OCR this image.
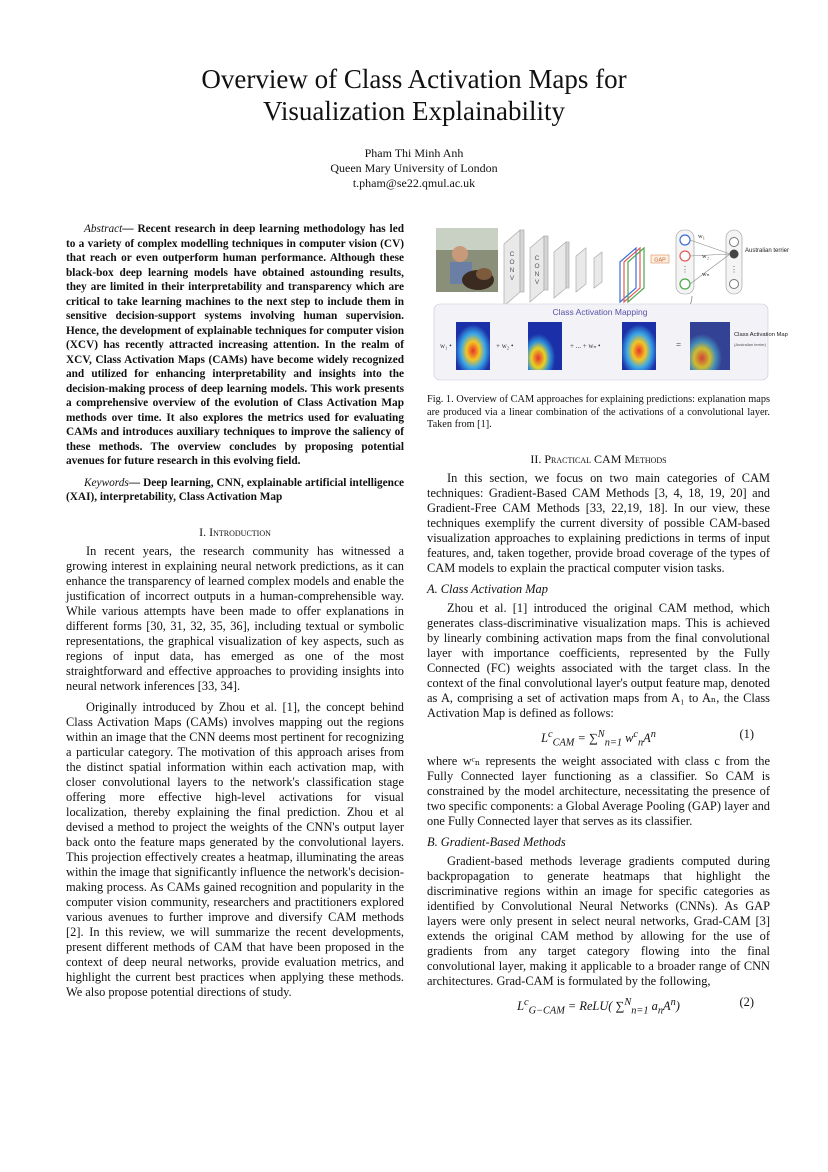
Overview of Class Activation Maps for
Visualization Explainability
Pham Thi Minh Anh
Queen Mary University of London
t.pham@se22.qmul.ac.uk

Abstract— Recent research in deep learning methodology has led to a variety of complex modelling techniques in computer vision (CV) that reach or even outperform human performance. Although these black-box deep learning models have obtained astounding results, they are limited in their interpretability and transparency which are critical to take learning machines to the next step to include them in sensitive decision-support systems involving human supervision. Hence, the development of explainable techniques for computer vision (XCV) has recently attracted increasing attention. In the realm of XCV, Class Activation Maps (CAMs) have become widely recognized and utilized for enhancing interpretability and insights into the decision-making process of deep learning models. This work presents a comprehensive overview of the evolution of Class Activation Map methods over time. It also explores the metrics used for evaluating CAMs and introduces auxiliary techniques to improve the saliency of these methods. The overview concludes by proposing potential avenues for future research in this evolving field.

Keywords— Deep learning, CNN, explainable artificial intelligence (XAI), interpretability, Class Activation Map

I. Introduction

In recent years, the research community has witnessed a growing interest in explaining neural network predictions, as it can enhance the transparency of learned complex models and enable the justification of incorrect outputs in a human-comprehensible way. While various attempts have been made to offer explanations in different forms [30, 31, 32, 35, 36], including textual or symbolic representations, the graphical visualization of key aspects, such as regions of input data, has emerged as one of the most straightforward and effective approaches to providing insights into neural network inferences [33, 34].

Originally introduced by Zhou et al. [1], the concept behind Class Activation Maps (CAMs) involves mapping out the regions within an image that the CNN deems most pertinent for recognizing a particular category. The motivation of this approach arises from the distinct spatial information within each activation map, with closer convolutional layers to the network's classification stage offering more effective high-level activations for visual localization, thereby explaining the final prediction. Zhou et al devised a method to project the weights of the CNN's output layer back onto the feature maps generated by the convolutional layers. This projection effectively creates a heatmap, illuminating the areas within the image that significantly influence the network's decision-making process. As CAMs gained recognition and popularity in the computer vision community, researchers and practitioners explored various avenues to further improve and diversify CAM methods [2]. In this review, we will summarize the recent developments, present different methods of CAM that have been proposed in the context of deep neural networks, provide evaluation metrics, and highlight the current best practices when applying these methods. We also propose potential directions of study.

C
O
N
V
C
O
N
V
GAP
⋮	⋮
w₁
w₂
wₙ
Australian terrier
Class Activation Mapping
w₁ •	+ w₂ •	+ ... + wₙ •	=
Class Activation Map
(Australian terrier)
Fig. 1. Overview of CAM approaches for explaining predictions: explanation maps are produced via a linear combination of the activations of a convolutional layer. Taken from [1].
II. Practical CAM Methods

In this section, we focus on two main categories of CAM techniques: Gradient-Based CAM Methods [3, 4, 18, 19, 20] and Gradient-Free CAM Methods [33, 22,19, 18]. In our view, these techniques exemplify the current diversity of possible CAM-based visualization approaches to explaining predictions in terms of input features, and, taken together, provide broad coverage of the types of CAM models to explain the practical computer vision tasks.

A. Class Activation Map

Zhou et al. [1] introduced the original CAM method, which generates class-discriminative visualization maps. This is achieved by linearly combining activation maps from the final convolutional layer with importance coefficients, represented by the Fully Connected (FC) weights associated with the target class. In the context of the final convolutional layer's output feature map, denoted as A, comprising a set of activation maps from A₁ to Aₙ, the Class Activation Map is defined as follows:

$L^c_{CAM} = \sum^N_{n=1}$ $w^c_nA^n$	(1)

where wᶜₙ represents the weight associated with class c from the Fully Connected layer functioning as a classifier. So CAM is constrained by the model architecture, necessitating the presence of two specific components: a Global Average Pooling (GAP) layer and one Fully Connected layer that serves as its classifier.

B. Gradient-Based Methods

Gradient-based methods leverage gradients computed during backpropagation to generate heatmaps that highlight the discriminative regions within an image for specific categories as identified by Convolutional Neural Networks (CNNs). As GAP layers were only present in select neural networks, Grad-CAM [3] extends the original CAM method by allowing for the use of gradients from any target category flowing into the final convolutional layer, making it applicable to a broader range of CNN architectures. Grad-CAM is formulated by the following,

$L^c_{G-CAM}$ = ReLU( ∑$^N_{n=1}$ $a_nA^n$)	(2)
